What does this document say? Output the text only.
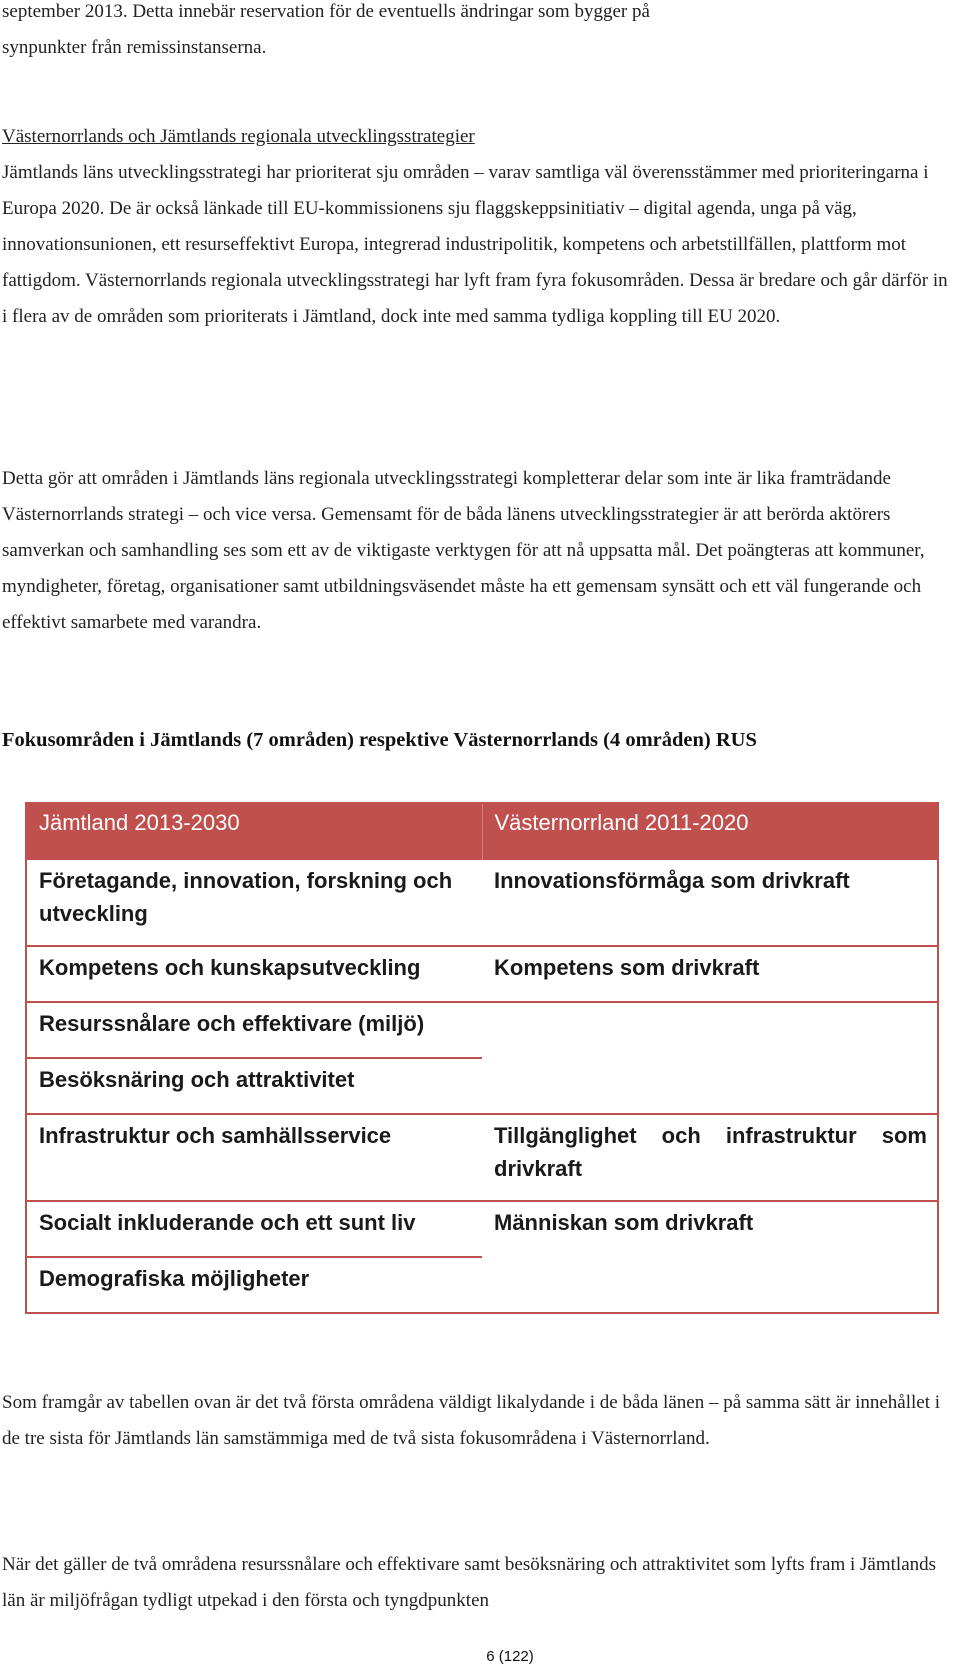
september 2013. Detta innebär reservation för de eventuells ändringar som bygger på
synpunkter från remissinstanserna.

Västernorrlands och Jämtlands regionala utvecklingsstrategier

Jämtlands läns utvecklingsstrategi har prioriterat sju områden – varav samtliga väl överensstämmer med prioriteringarna i Europa 2020. De är också länkade till EU-kommissionens sju flaggskeppsinitiativ – digital agenda, unga på väg, innovationsunionen, ett resurseffektivt Europa, integrerad industripolitik, kompetens och arbetstillfällen, plattform mot fattigdom. Västernorrlands regionala utvecklingsstrategi har lyft fram fyra fokusområden. Dessa är bredare och går därför in i flera av de områden som prioriterats i Jämtland, dock inte med samma tydliga koppling till EU 2020.

Detta gör att områden i Jämtlands läns regionala utvecklingsstrategi kompletterar delar som inte är lika framträdande Västernorrlands strategi – och vice versa. Gemensamt för de båda länens utvecklingsstrategier är att berörda aktörers samverkan och samhandling ses som ett av de viktigaste verktygen för att nå uppsatta mål. Det poängteras att kommuner, myndigheter, företag, organisationer samt utbildningsväsendet måste ha ett gemensam synsätt och ett väl fungerande och effektivt samarbete med varandra.

Fokusområden i Jämtlands (7 områden) respektive Västernorrlands (4 områden) RUS
Jämtland 2013-2030	Västernorrland 2011-2020
Företagande, innovation, forskning och utveckling	Innovationsförmåga som drivkraft
Kompetens och kunskapsutveckling	Kompetens som drivkraft
Resurssnålare och effektivare (miljö)	
Besöksnäring och attraktivitet	
Infrastruktur och samhällsservice	Tillgänglighet och infrastruktur som drivkraft
Socialt inkluderande och ett sunt liv	Människan som drivkraft
Demografiska möjligheter	

Som framgår av tabellen ovan är det två första områdena väldigt likalydande i de båda länen – på samma sätt är innehållet i de tre sista för Jämtlands län samstämmiga med de två sista fokusområdena i Västernorrland.

När det gäller de två områdena resurssnålare och effektivare samt besöksnäring och attraktivitet som lyfts fram i Jämtlands län är miljöfrågan tydligt utpekad i den första och tyngdpunkten

6 (122)
